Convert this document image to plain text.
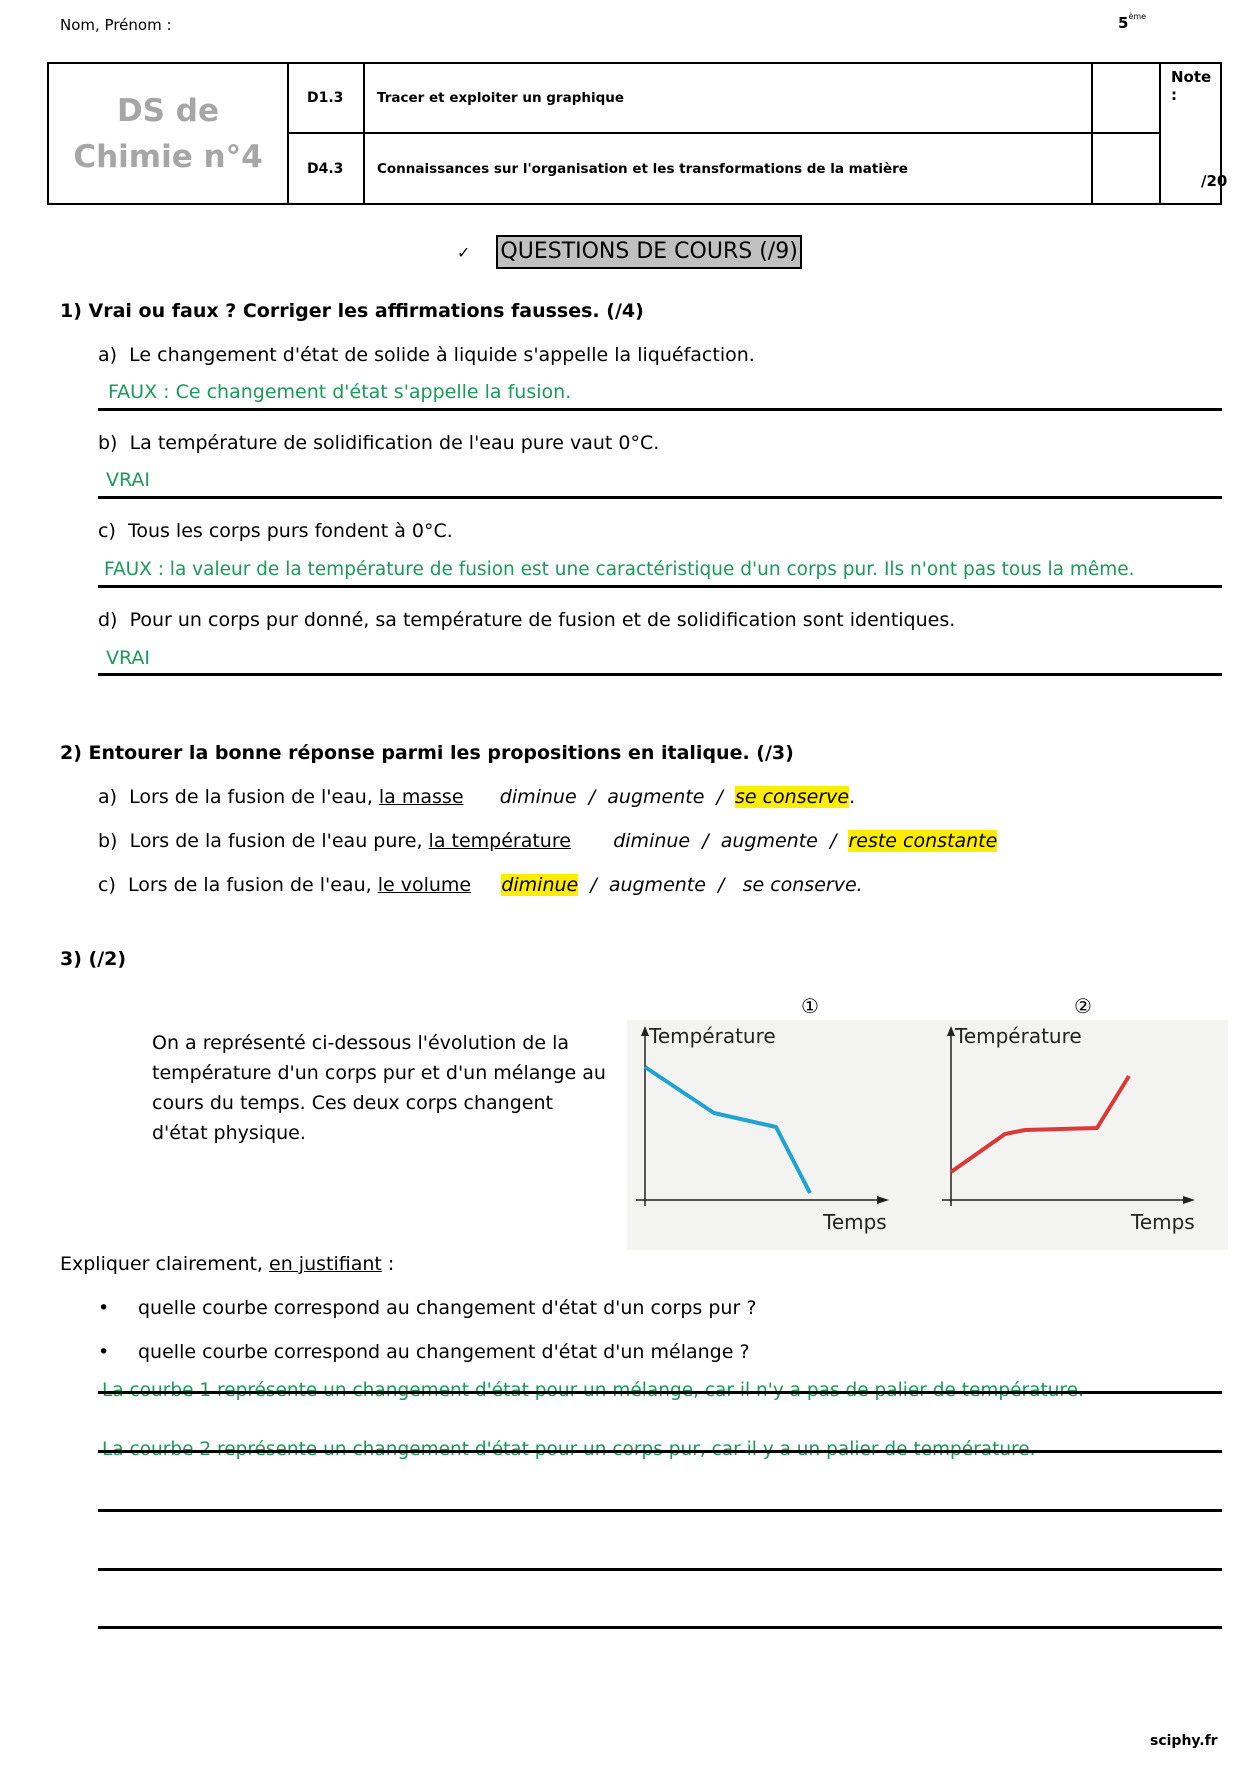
Nom, Prénom :	5ème
DS de
Chimie n°4
D1.3	Tracer et exploiter un graphique
D4.3	Connaissances sur l'organisation et les transformations de la matière
Note :
/20
✓ QUESTIONS DE COURS (/9)
1) Vrai ou faux ? Corriger les affirmations fausses. (/4)
a) Le changement d'état de solide à liquide s'appelle la liquéfaction.
FAUX : Ce changement d'état s'appelle la fusion.
b) La température de solidification de l'eau pure vaut 0°C.
VRAI
c) Tous les corps purs fondent à 0°C.
FAUX : la valeur de la température de fusion est une caractéristique d'un corps pur. Ils n'ont pas tous la même.
d) Pour un corps pur donné, sa température de fusion et de solidification sont identiques.
VRAI
2) Entourer la bonne réponse parmi les propositions en italique. (/3)
a) Lors de la fusion de l'eau, la masse diminue / augmente / se conserve.
b) Lors de la fusion de l'eau pure, la température diminue / augmente / reste constante
c) Lors de la fusion de l'eau, le volume diminue / augmente / se conserve.
3) (/2)
On a représenté ci-dessous l'évolution de la température d'un corps pur et d'un mélange au cours du temps. Ces deux corps changent d'état physique.
Température
Temps
Température
Temps
①	②
Expliquer clairement, en justifiant :
• quelle courbe correspond au changement d'état d'un corps pur ?
• quelle courbe correspond au changement d'état d'un mélange ?
sciphy.fr
